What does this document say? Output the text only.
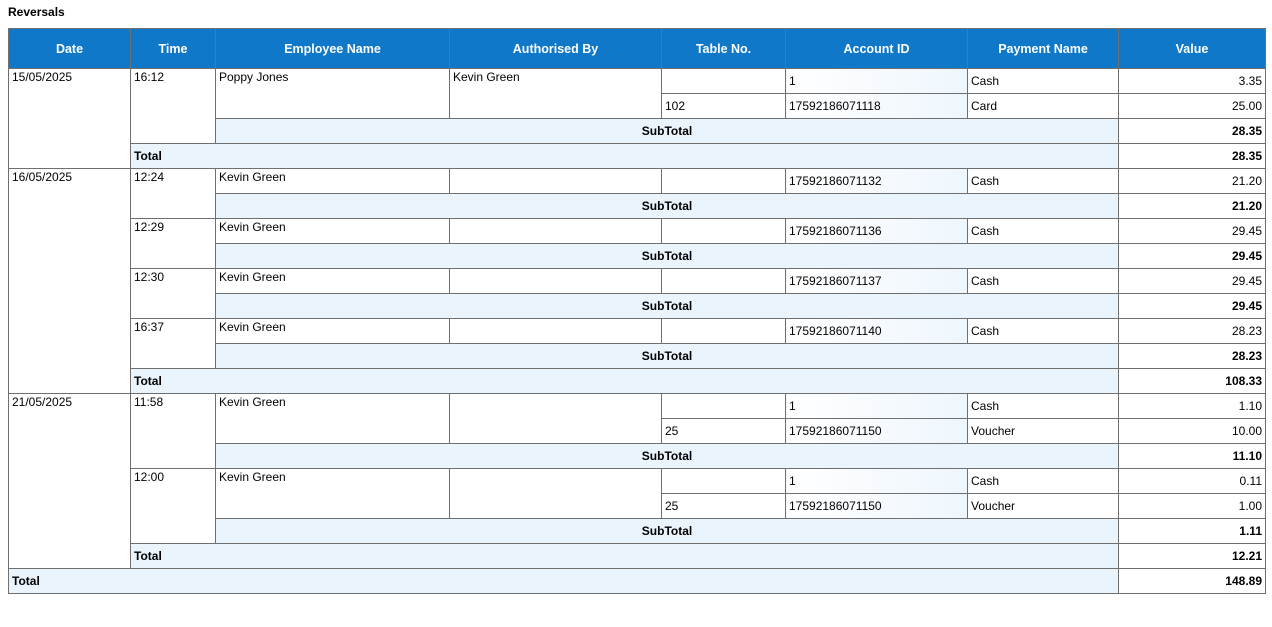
Reversals
Date	Time	Employee Name	Authorised By	Table No.	Account ID	Payment Name	Value
15/05/2025	16:12	Poppy Jones	Kevin Green		1	Cash	3.35
				102	17592186071118	Card	25.00
		SubTotal					28.35
	Total						28.35
16/05/2025	12:24	Kevin Green			17592186071132	Cash	21.20
		SubTotal					21.20
	12:29	Kevin Green			17592186071136	Cash	29.45
		SubTotal					29.45
	12:30	Kevin Green			17592186071137	Cash	29.45
		SubTotal					29.45
	16:37	Kevin Green			17592186071140	Cash	28.23
		SubTotal					28.23
	Total						108.33
21/05/2025	11:58	Kevin Green			1	Cash	1.10
				25	17592186071150	Voucher	10.00
		SubTotal					11.10
	12:00	Kevin Green			1	Cash	0.11
				25	17592186071150	Voucher	1.00
		SubTotal					1.11
	Total						12.21
Total							148.89
